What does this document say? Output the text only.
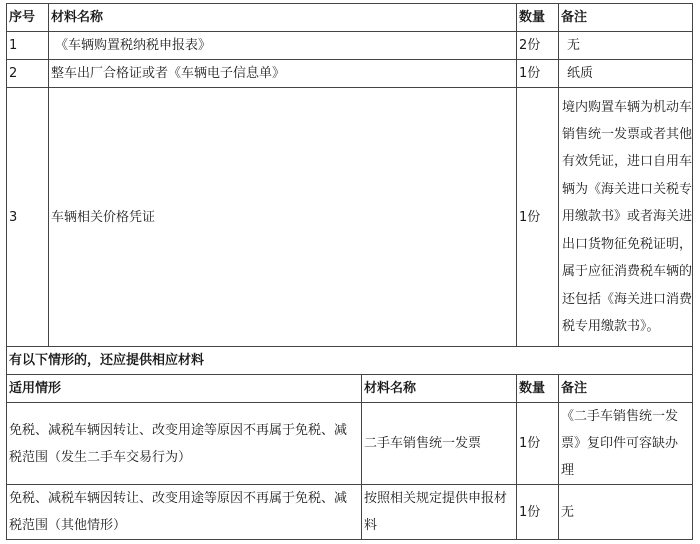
序号	材料名称		数量	备注
1	《车辆购置税纳税申报表》		2份	无
2	整车出厂合格证或者《车辆电子信息单》		1份	纸质
3	车辆相关价格凭证		1份	境内购置车辆为机动车销售统一发票或者其他有效凭证，进口自用车辆为《海关进口关税专用缴款书》或者海关进出口货物征免税证明，属于应征消费税车辆的还包括《海关进口消费税专用缴款书》。
有以下情形的，还应提供相应材料				
适用情形		材料名称	数量	备注
免税、减税车辆因转让、改变用途等原因不再属于免税、减税范围（发生二手车交易行为）		二手车销售统一发票	1份	《二手车销售统一发票》复印件可容缺办理
免税、减税车辆因转让、改变用途等原因不再属于免税、减税范围（其他情形）		按照相关规定提供申报材料	1份	无
